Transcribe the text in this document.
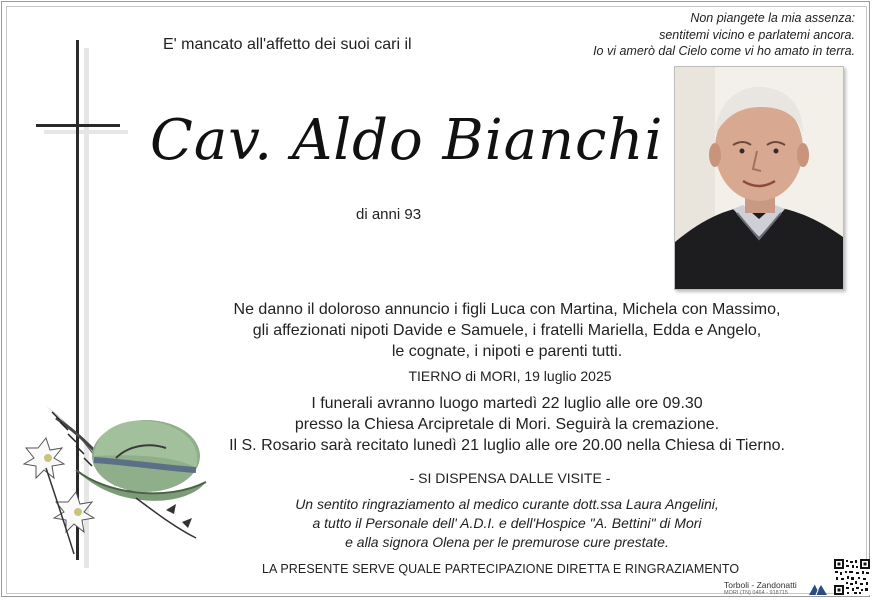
E' mancato all'affetto dei suoi cari il
Non piangete la mia assenza:
sentitemi vicino e parlatemi ancora.
Io vi amerò dal Cielo come vi ho amato in terra.
Cav. Aldo Bianchi
di anni 93
Ne danno il doloroso annuncio i figli Luca con Martina, Michela con Massimo,
gli affezionati nipoti Davide e Samuele, i fratelli Mariella, Edda e Angelo,
le cognate, i nipoti e parenti tutti.
TIERNO di MORI, 19 luglio 2025
I funerali avranno luogo martedì 22 luglio alle ore 09.30
presso la Chiesa Arcipretale di Mori. Seguirà la cremazione.
Il S. Rosario sarà recitato lunedì 21 luglio alle ore 20.00 nella Chiesa di Tierno.
- SI DISPENSA DALLE VISITE -
Un sentito ringraziamento al medico curante dott.ssa Laura Angelini,
a tutto il Personale dell' A.D.I. e dell'Hospice "A. Bettini" di Mori
e alla signora Olena per le premurose cure prestate.
LA PRESENTE SERVE QUALE PARTECIPAZIONE DIRETTA E RINGRAZIAMENTO
Torboli - Zandonatti
MORI (TN) 0464 - 918715
